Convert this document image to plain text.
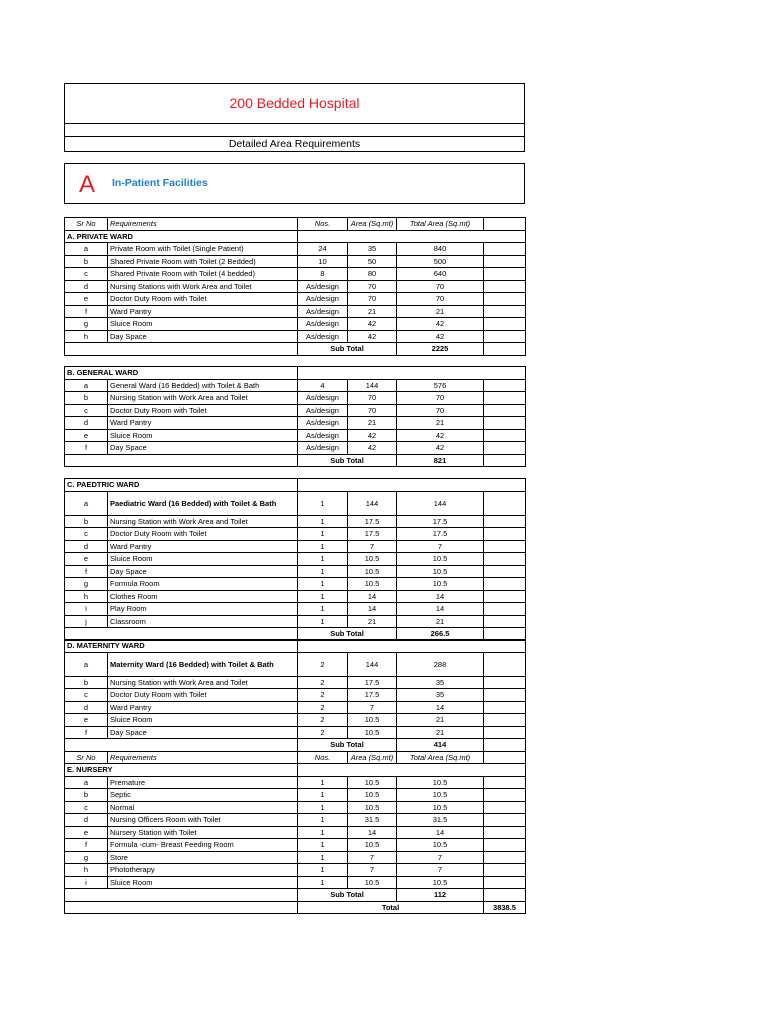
200 Bedded Hospital
Detailed Area Requirements
A In-Patient Facilities
Sr No	Requirements	Nos.	Area (Sq.mt)	Total Area (Sq.mt)	
A. PRIVATE WARD					
a	Private Room with Toilet (Single Patient)	24	35	840	
b	Shared Private Room with Toilet (2 Bedded)	10	50	500	
c	Shared Private Room with Toilet (4 bedded)	8	80	640	
d	Nursing Stations with Work Area and Toilet	As/design	70	70	
e	Doctor Duty Room with Toilet	As/design	70	70	
f	Ward Pantry	As/design	21	21	
g	Sluice Room	As/design	42	42	
h	Day Space	As/design	42	42	
		Sub Total		2225	
B. GENERAL WARD					
a	General Ward (16 Bedded) with Toilet & Bath	4	144	576	
b	Nursing Station with Work Area and Toilet	As/design	70	70	
c	Doctor Duty Room with Toilet	As/design	70	70	
d	Ward Pantry	As/design	21	21	
e	Sluice Room	As/design	42	42	
f	Day Space	As/design	42	42	
		Sub Total		821	
C. PAEDTRIC WARD					
a	Paediatric Ward (16 Bedded) with Toilet & Bath	1	144	144	
b	Nursing Station with Work Area and Toilet	1	17.5	17.5	
c	Doctor Duty Room with Toilet	1	17.5	17.5	
d	Ward Pantry	1	7	7	
e	Sluice Room	1	10.5	10.5	
f	Day Space	1	10.5	10.5	
g	Formula Room	1	10.5	10.5	
h	Clothes Room	1	14	14	
i	Play Room	1	14	14	
j	Classroom	1	21	21	
		Sub Total		266.5	
D. MATERNITY WARD					
a	Maternity Ward (16 Bedded) with Toilet & Bath	2	144	288	
b	Nursing Station with Work Area and Toilet	2	17.5	35	
c	Doctor Duty Room with Toilet	2	17.5	35	
d	Ward Pantry	2	7	14	
e	Sluice Room	2	10.5	21	
f	Day Space	2	10.5	21	
		Sub Total		414	
Sr No	Requirements	Nos.	Area (Sq.mt)	Total Area (Sq.mt)	
E. NURSERY					
a	Premature	1	10.5	10.5	
b	Septic	1	10.5	10.5	
c	Normal	1	10.5	10.5	
d	Nursing Officers Room with Toilet	1	31.5	31.5	
e	Nursery Station with Toilet	1	14	14	
f	Formula -cum- Breast Feeding Room	1	10.5	10.5	
g	Store	1	7	7	
h	Phototherapy	1	7	7	
i	Sluice Room	1	10.5	10.5	
		Sub Total		112	
		Total			3838.5
